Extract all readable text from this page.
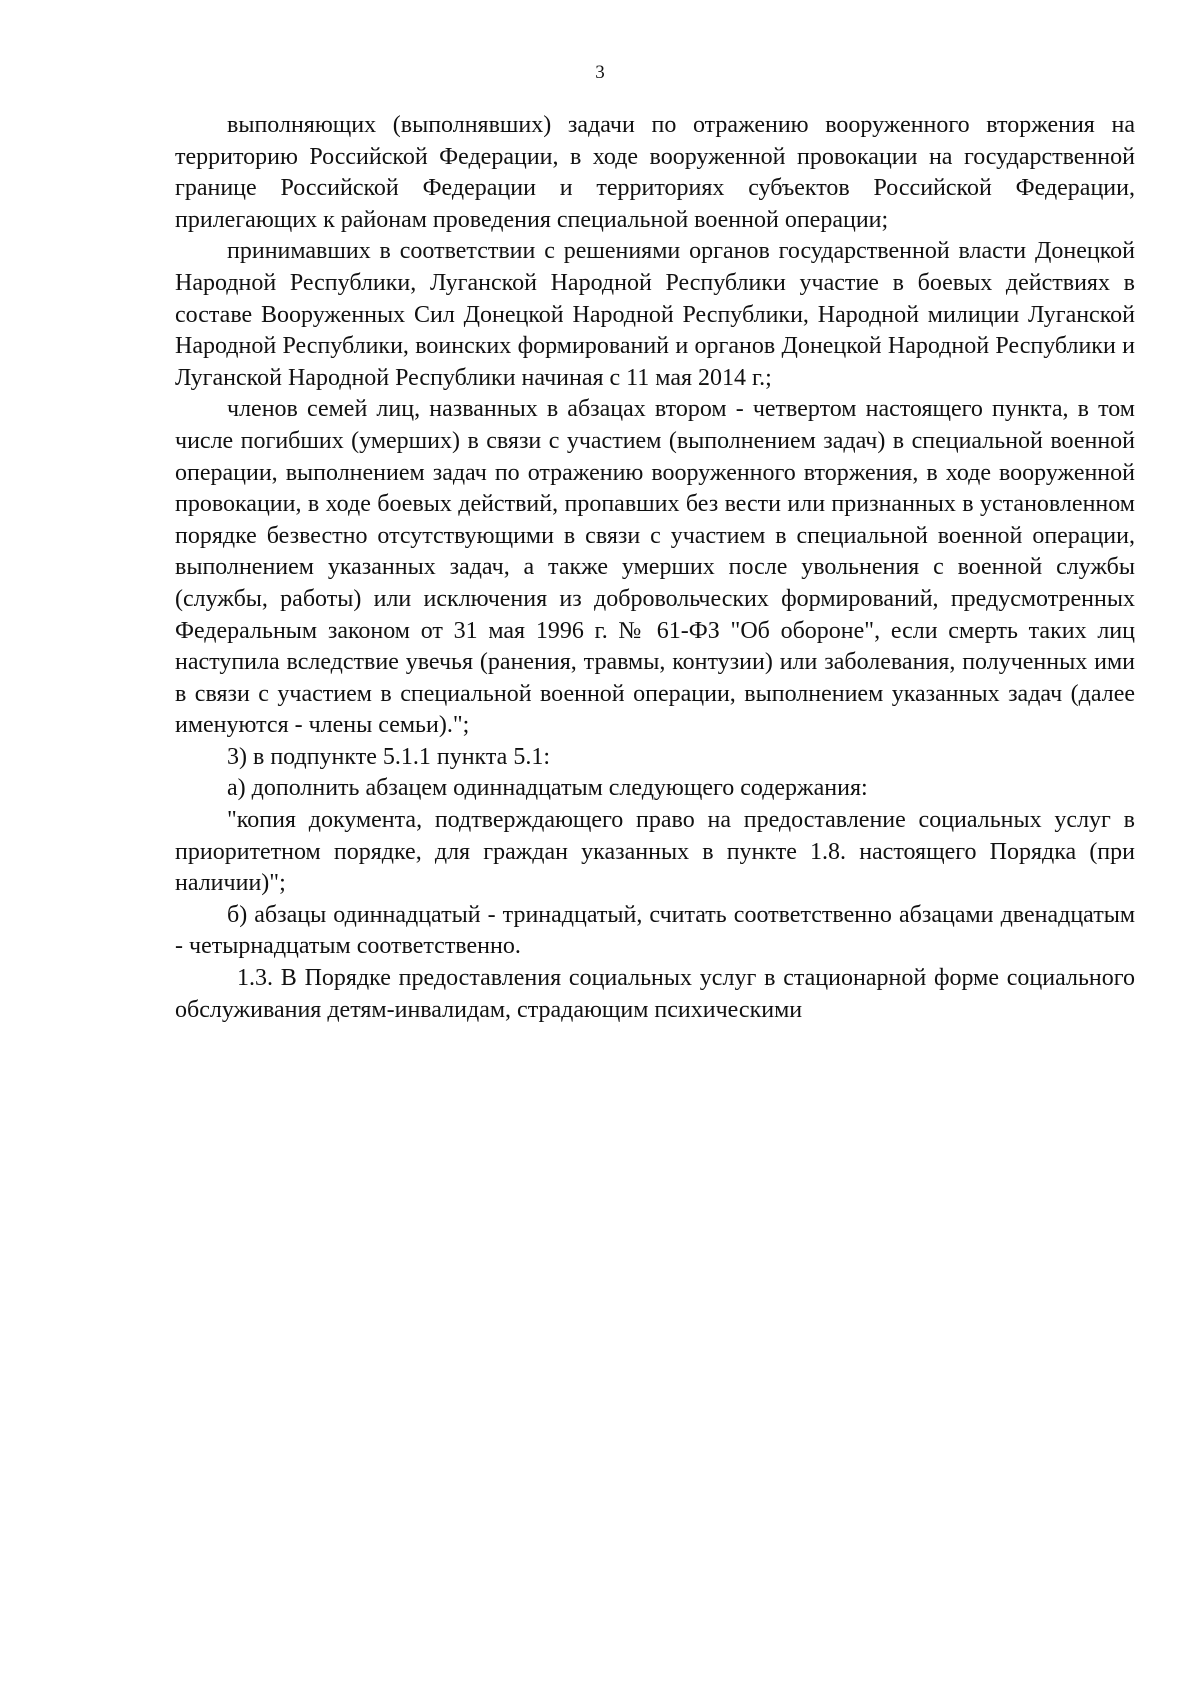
3

выполняющих (выполнявших) задачи по отражению вооруженного вторжения на территорию Российской Федерации, в ходе вооруженной провокации на государственной границе Российской Федерации и территориях субъектов Российской Федерации, прилегающих к районам проведения специальной военной операции;

принимавших в соответствии с решениями органов государственной власти Донецкой Народной Республики, Луганской Народной Республики участие в боевых действиях в составе Вооруженных Сил Донецкой Народной Республики, Народной милиции Луганской Народной Республики, воинских формирований и органов Донецкой Народной Республики и Луганской Народной Республики начиная с 11 мая 2014 г.;

членов семей лиц, названных в абзацах втором - четвертом настоящего пункта, в том числе погибших (умерших) в связи с участием (выполнением задач) в специальной военной операции, выполнением задач по отражению вооруженного вторжения, в ходе вооруженной провокации, в ходе боевых действий, пропавших без вести или признанных в установленном порядке безвестно отсутствующими в связи с участием в специальной военной операции, выполнением указанных задач, а также умерших после увольнения с военной службы (службы, работы) или исключения из добровольческих формирований, предусмотренных Федеральным законом от 31 мая 1996 г. № 61-ФЗ "Об обороне", если смерть таких лиц наступила вследствие увечья (ранения, травмы, контузии) или заболевания, полученных ими в связи с участием в специальной военной операции, выполнением указанных задач (далее именуются - члены семьи).";

3) в подпункте 5.1.1 пункта 5.1:

а) дополнить абзацем одиннадцатым следующего содержания:

"копия документа, подтверждающего право на предоставление социальных услуг в приоритетном порядке, для граждан указанных в пункте 1.8. настоящего Порядка (при наличии)";

б) абзацы одиннадцатый - тринадцатый, считать соответственно абзацами двенадцатым - четырнадцатым соответственно.

1.3. В Порядке предоставления социальных услуг в стационарной форме социального обслуживания детям-инвалидам, страдающим психическими
